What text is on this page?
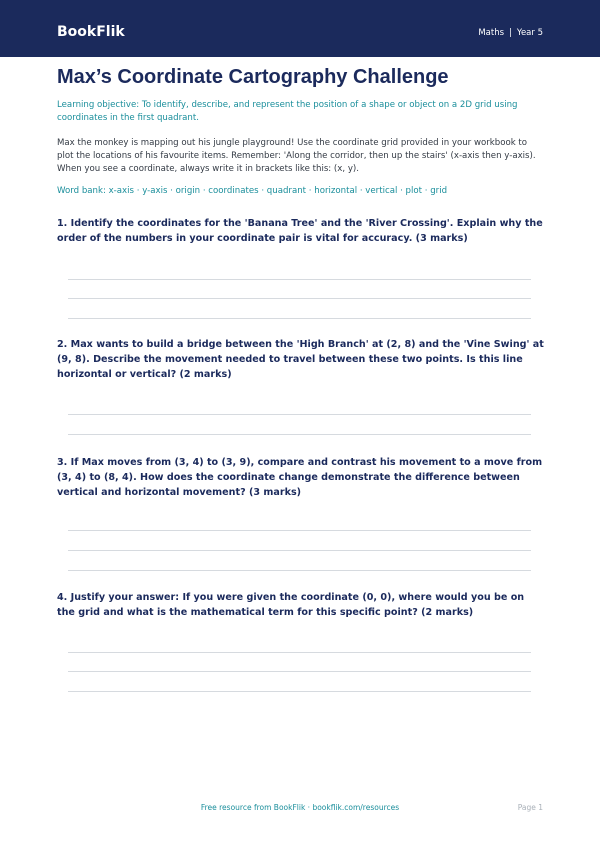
BookFlik	Maths | Year 5
Max’s Coordinate Cartography Challenge

Learning objective: To identify, describe, and represent the position of a shape or object on a 2D grid using coordinates in the first quadrant.

Max the monkey is mapping out his jungle playground! Use the coordinate grid provided in your workbook to plot the locations of his favourite items. Remember: 'Along the corridor, then up the stairs' (x-axis then y-axis). When you see a coordinate, always write it in brackets like this: (x, y).

Word bank: x-axis · y-axis · origin · coordinates · quadrant · horizontal · vertical · plot · grid

1. Identify the coordinates for the 'Banana Tree' and the 'River Crossing'. Explain why the order of the numbers in your coordinate pair is vital for accuracy. (3 marks)

2. Max wants to build a bridge between the 'High Branch' at (2, 8) and the 'Vine Swing' at (9, 8). Describe the movement needed to travel between these two points. Is this line horizontal or vertical? (2 marks)

3. If Max moves from (3, 4) to (3, 9), compare and contrast his movement to a move from (3, 4) to (8, 4). How does the coordinate change demonstrate the difference between vertical and horizontal movement? (3 marks)

4. Justify your answer: If you were given the coordinate (0, 0), where would you be on the grid and what is the mathematical term for this specific point? (2 marks)

Free resource from BookFlik · bookflik.com/resources	Page 1
